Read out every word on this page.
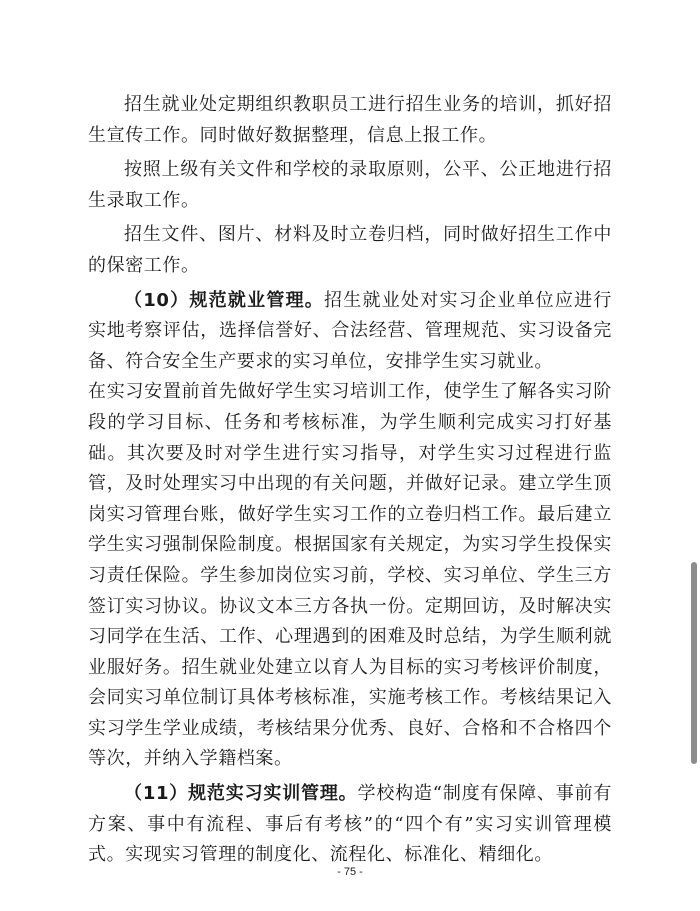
招生就业处定期组织教职员工进行招生业务的培训，抓好招生宣传工作。同时做好数据整理，信息上报工作。

按照上级有关文件和学校的录取原则，公平、公正地进行招生录取工作。

招生文件、图片、材料及时立卷归档，同时做好招生工作中的保密工作。

（10）规范就业管理。招生就业处对实习企业单位应进行实地考察评估，选择信誉好、合法经营、管理规范、实习设备完备、符合安全生产要求的实习单位，安排学生实习就业。

在实习安置前首先做好学生实习培训工作，使学生了解各实习阶段的学习目标、任务和考核标准，为学生顺利完成实习打好基础。其次要及时对学生进行实习指导，对学生实习过程进行监管，及时处理实习中出现的有关问题，并做好记录。建立学生顶岗实习管理台账，做好学生实习工作的立卷归档工作。最后建立学生实习强制保险制度。根据国家有关规定，为实习学生投保实习责任保险。学生参加岗位实习前，学校、实习单位、学生三方签订实习协议。协议文本三方各执一份。定期回访，及时解决实习同学在生活、工作、心理遇到的困难及时总结，为学生顺利就业服好务。招生就业处建立以育人为目标的实习考核评价制度，会同实习单位制订具体考核标准，实施考核工作。考核结果记入实习学生学业成绩，考核结果分优秀、良好、合格和不合格四个等次，并纳入学籍档案。

（11）规范实习实训管理。学校构造“制度有保障、事前有方案、事中有流程、事后有考核”的“四个有”实习实训管理模式。实现实习管理的制度化、流程化、标准化、精细化。

- 75 -
